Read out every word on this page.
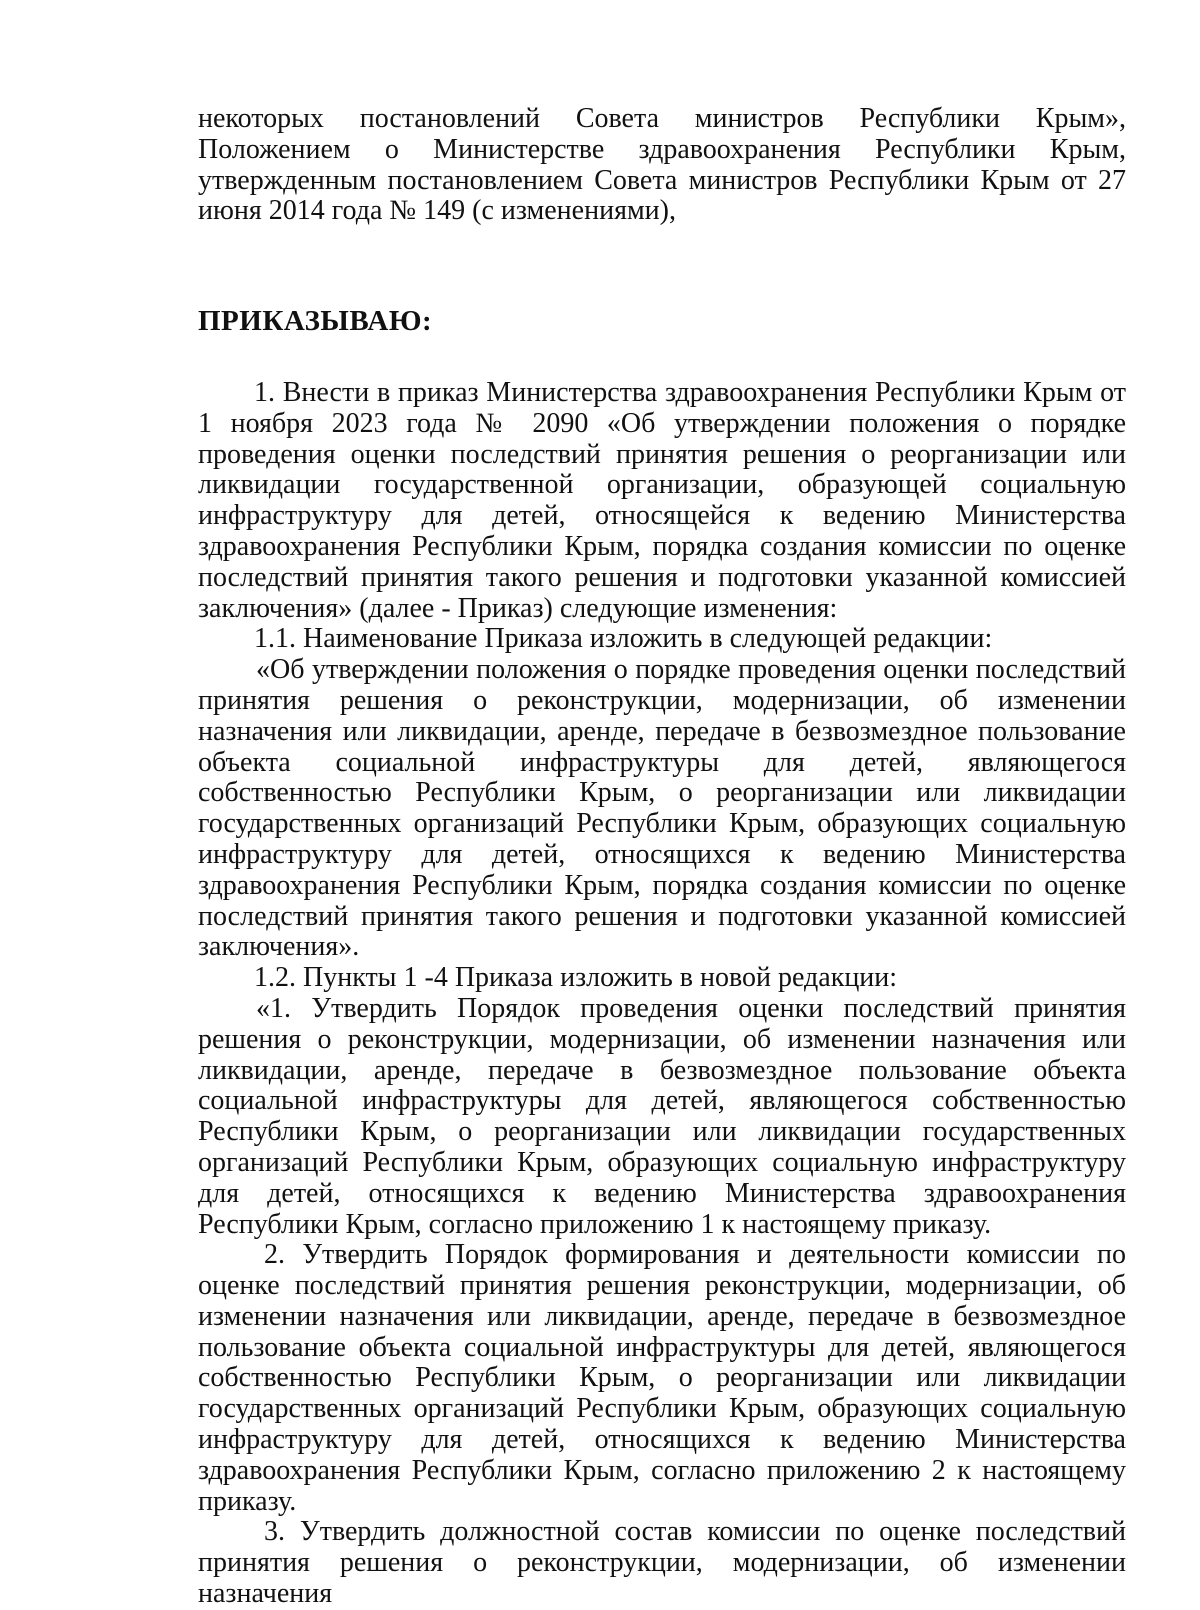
некоторых постановлений Совета министров Республики Крым», Положением о Министерстве здравоохранения Республики Крым, утвержденным постановлением Совета министров Республики Крым от 27 июня 2014 года № 149 (с изменениями),

ПРИКАЗЫВАЮ:

1. Внести в приказ Министерства здравоохранения Республики Крым от 1 ноября 2023 года № 2090 «Об утверждении положения о порядке проведения оценки последствий принятия решения о реорганизации или ликвидации государственной организации, образующей социальную инфраструктуру для детей, относящейся к ведению Министерства здравоохранения Республики Крым, порядка создания комиссии по оценке последствий принятия такого решения и подготовки указанной комиссией заключения» (далее - Приказ) следующие изменения:

1.1. Наименование Приказа изложить в следующей редакции:

«Об утверждении положения о порядке проведения оценки последствий принятия решения о реконструкции, модернизации, об изменении назначения или ликвидации, аренде, передаче в безвозмездное пользование объекта социальной инфраструктуры для детей, являющегося собственностью Республики Крым, о реорганизации или ликвидации государственных организаций Республики Крым, образующих социальную инфраструктуру для детей, относящихся к ведению Министерства здравоохранения Республики Крым, порядка создания комиссии по оценке последствий принятия такого решения и подготовки указанной комиссией заключения».

1.2. Пункты 1 -4 Приказа изложить в новой редакции:

«1. Утвердить Порядок проведения оценки последствий принятия решения о реконструкции, модернизации, об изменении назначения или ликвидации, аренде, передаче в безвозмездное пользование объекта социальной инфраструктуры для детей, являющегося собственностью Республики Крым, о реорганизации или ликвидации государственных организаций Республики Крым, образующих социальную инфраструктуру для детей, относящихся к ведению Министерства здравоохранения Республики Крым, согласно приложению 1 к настоящему приказу.

2. Утвердить Порядок формирования и деятельности комиссии по оценке последствий принятия решения реконструкции, модернизации, об изменении назначения или ликвидации, аренде, передаче в безвозмездное пользование объекта социальной инфраструктуры для детей, являющегося собственностью Республики Крым, о реорганизации или ликвидации государственных организаций Республики Крым, образующих социальную инфраструктуру для детей, относящихся к ведению Министерства здравоохранения Республики Крым, согласно приложению 2 к настоящему приказу.

3. Утвердить должностной состав комиссии по оценке последствий принятия решения о реконструкции, модернизации, об изменении назначения
